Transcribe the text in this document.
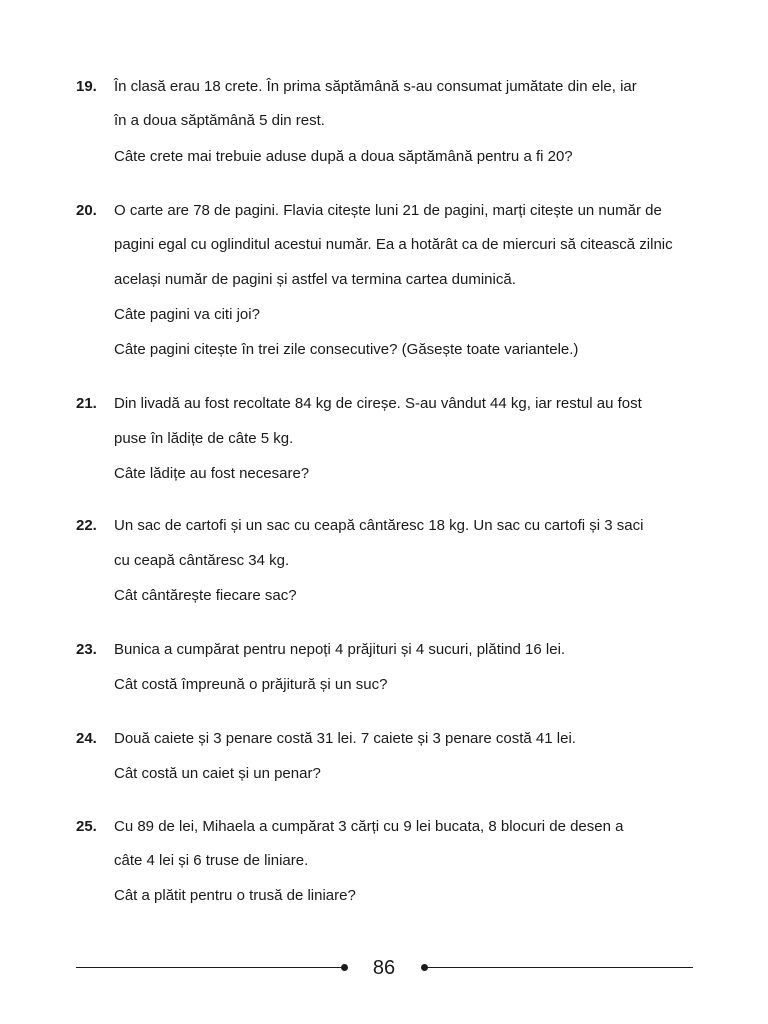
19. În clasă erau 18 crete. În prima săptămână s-au consumat jumătate din ele, iar
în a doua săptămână 5 din rest.
Câte crete mai trebuie aduse după a doua săptămână pentru a fi 20?
20. O carte are 78 de pagini. Flavia citește luni 21 de pagini, marți citește un număr de
pagini egal cu oglinditul acestui număr. Ea a hotărât ca de miercuri să citească zilnic
același număr de pagini și astfel va termina cartea duminică.
Câte pagini va citi joi?
Câte pagini citește în trei zile consecutive? (Găsește toate variantele.)
21. Din livadă au fost recoltate 84 kg de cireșe. S-au vândut 44 kg, iar restul au fost
puse în lădițe de câte 5 kg.
Câte lădițe au fost necesare?
22. Un sac de cartofi și un sac cu ceapă cântăresc 18 kg. Un sac cu cartofi și 3 saci
cu ceapă cântăresc 34 kg.
Cât cântărește fiecare sac?
23. Bunica a cumpărat pentru nepoți 4 prăjituri și 4 sucuri, plătind 16 lei.
Cât costă împreună o prăjitură și un suc?
24. Două caiete și 3 penare costă 31 lei. 7 caiete și 3 penare costă 41 lei.
Cât costă un caiet și un penar?
25. Cu 89 de lei, Mihaela a cumpărat 3 cărți cu 9 lei bucata, 8 blocuri de desen a
câte 4 lei și 6 truse de liniare.
Cât a plătit pentru o trusă de liniare?
86
